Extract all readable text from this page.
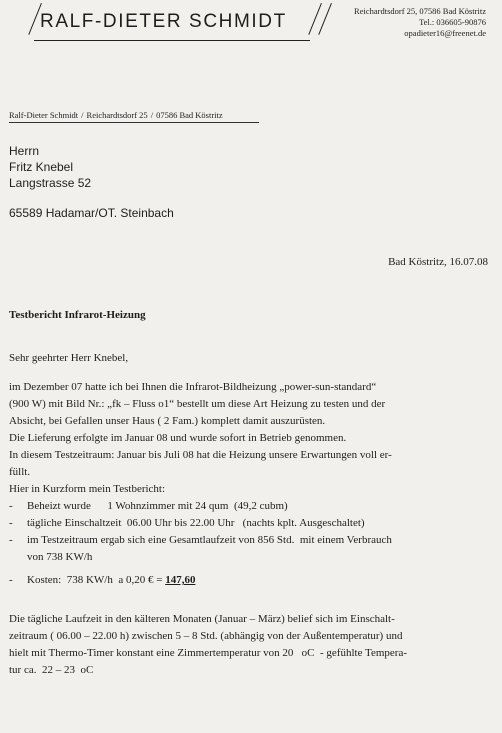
RALF-DIETER SCHMIDT	Reichardtsdorf 25, 07586 Bad Köstritz
Tel.: 036605-90876
opadieter16@freenet.de
Ralf-Dieter Schmidt / Reichardtsdorf 25 / 07586 Bad Köstritz
Herrn
Fritz Knebel
Langstrasse 52
65589 Hadamar/OT. Steinbach
Bad Köstritz, 16.07.08
Testbericht Infrarot-Heizung

Sehr geehrter Herr Knebel,

im Dezember 07 hatte ich bei Ihnen die Infrarot-Bildheizung „power-sun-standard“

(900 W) mit Bild Nr.: „fk – Fluss o1“ bestellt um diese Art Heizung zu testen und der

Absicht, bei Gefallen unser Haus ( 2 Fam.) komplett damit auszurüsten.

Die Lieferung erfolgte im Januar 08 und wurde sofort in Betrieb genommen.

In diesem Testzeitraum: Januar bis Juli 08 hat die Heizung unsere Erwartungen voll er-

füllt.

Hier in Kurzform mein Testbericht:

-	Beheizt wurde      1 Wohnzimmer mit 24 qum  (49,2 cubm)
-	tägliche Einschaltzeit  06.00 Uhr bis 22.00 Uhr   (nachts kplt. Ausgeschaltet)
-	im Testzeitraum ergab sich eine Gesamtlaufzeit von 856 Std.  mit einem Verbrauch

von 738 KW/h

-	Kosten:  738 KW/h  a 0,20 € = 147,60

Die tägliche Laufzeit in den kälteren Monaten (Januar – März) belief sich im Einschalt-

zeitraum ( 06.00 – 22.00 h) zwischen 5 – 8 Std. (abhängig von der Außentemperatur) und

hielt mit Thermo-Timer konstant eine Zimmertemperatur von 20   oC  - gefühlte Tempera-

tur ca.  22 – 23  oC
